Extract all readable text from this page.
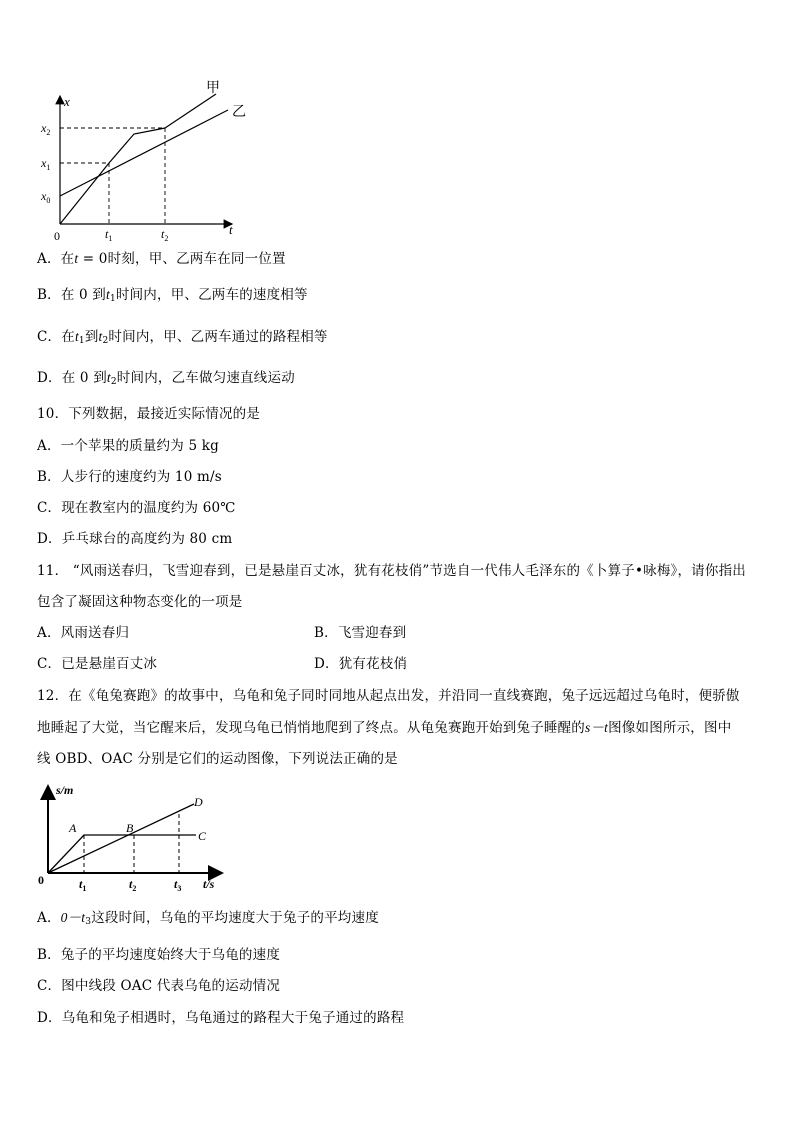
x
t
0
$x_2$
$x_1$
$x_0$
$t_1$	$t_2$
甲
乙
A．在t = 0时刻，甲、乙两车在同一位置
B．在 0 到$t_1$时间内，甲、乙两车的速度相等
C．在$t_1$到$t_2$时间内，甲、乙两车通过的路程相等
D．在 0 到$t_2$时间内，乙车做匀速直线运动
10．下列数据，最接近实际情况的是
A．一个苹果的质量约为 5 kg
B．人步行的速度约为 10 m/s
C．现在教室内的温度约为 60℃
D．乒乓球台的高度约为 80 cm
11． “风雨送春归，飞雪迎春到，已是悬崖百丈冰，犹有花枝俏”节选自一代伟人毛泽东的《卜算子•咏梅》，请你指出
包含了凝固这种物态变化的一项是
A．风雨送春归	B．飞雪迎春到
C．已是悬崖百丈冰	D．犹有花枝俏
12．在《龟兔赛跑》的故事中，乌龟和兔子同时同地从起点出发，并沿同一直线赛跑，兔子远远超过乌龟时，便骄傲
地睡起了大觉，当它醒来后，发现乌龟已悄悄地爬到了终点。从龟兔赛跑开始到兔子睡醒的s－t图像如图所示，图中
线 OBD、OAC 分别是它们的运动图像，下列说法正确的是
s/m
t/s
0
A	B
C
D
$t_1$	$t_2$	$t_3$
A．$0-t_3$这段时间，乌龟的平均速度大于兔子的平均速度
B．兔子的平均速度始终大于乌龟的速度
C．图中线段 OAC 代表乌龟的运动情况
D．乌龟和兔子相遇时，乌龟通过的路程大于兔子通过的路程
